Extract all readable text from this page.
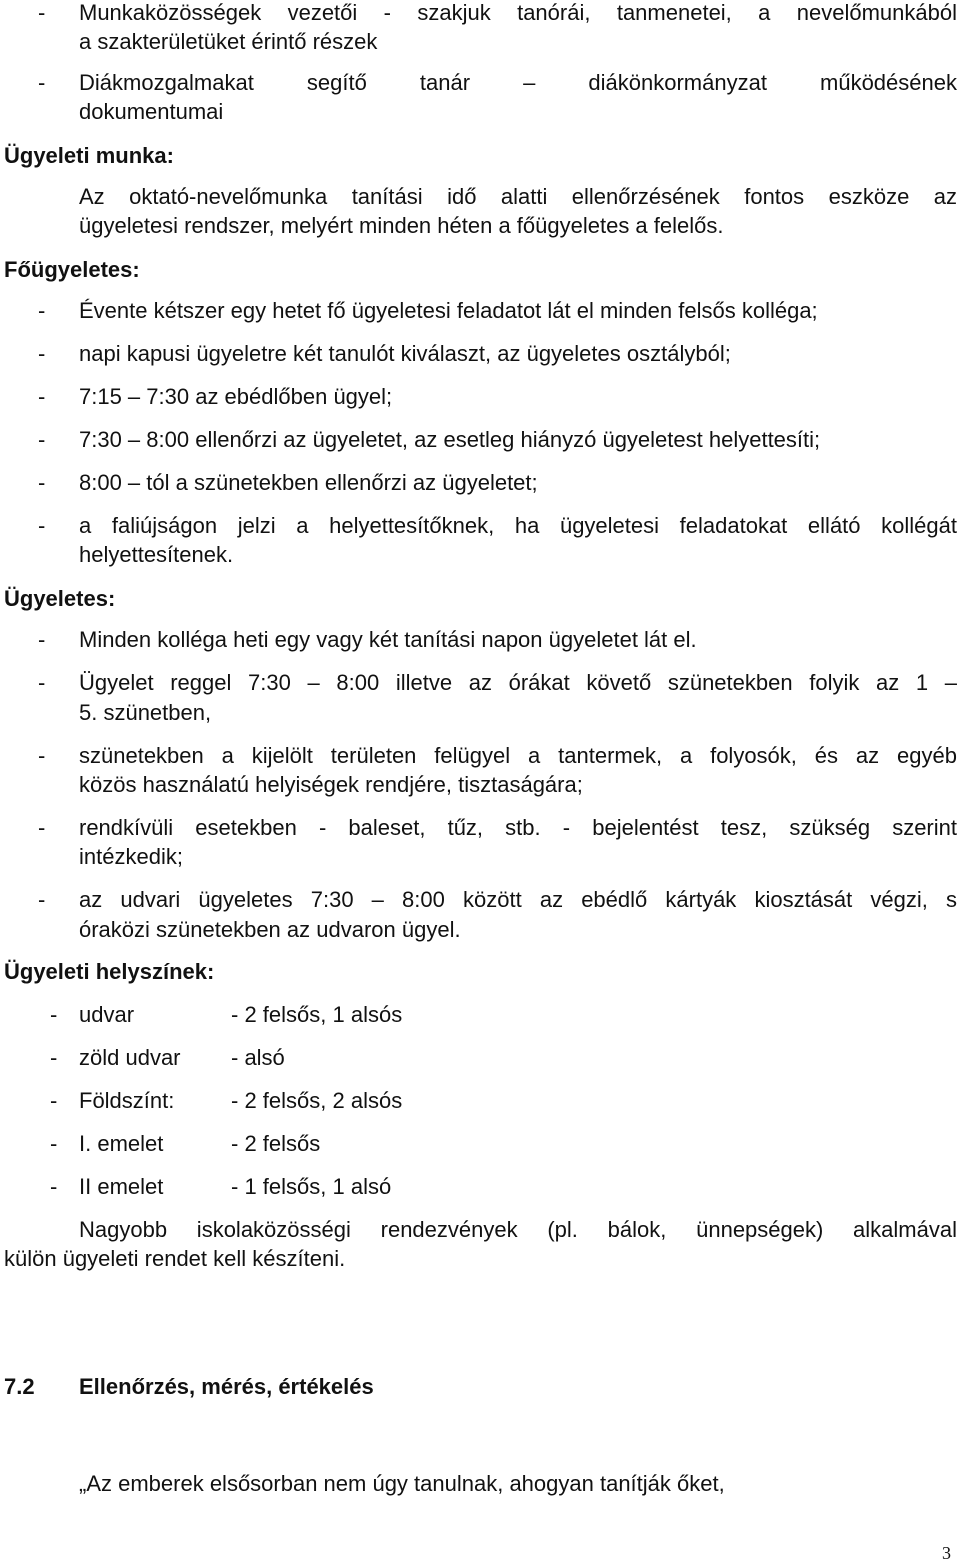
- Munkaközösségek vezetői - szakjuk tanórái, tanmenetei, a nevelőmunkából
a szakterületüket érintő részek
- Diákmozgalmakat segítő tanár – diákönkormányzat működésének
dokumentumai
Ügyeleti munka:
Az oktató-nevelőmunka tanítási idő alatti ellenőrzésének fontos eszköze az
ügyeletesi rendszer, melyért minden héten a főügyeletes a felelős.
Főügyeletes:
- Évente kétszer egy hetet fő ügyeletesi feladatot lát el minden felsős kolléga;
- napi kapusi ügyeletre két tanulót kiválaszt, az ügyeletes osztályból;
- 7:15 – 7:30 az ebédlőben ügyel;
- 7:30 – 8:00 ellenőrzi az ügyeletet, az esetleg hiányzó ügyeletest helyettesíti;
- 8:00 – tól a szünetekben ellenőrzi az ügyeletet;
- a faliújságon jelzi a helyettesítőknek, ha ügyeletesi feladatokat ellátó kollégát
helyettesítenek.
Ügyeletes:
- Minden kolléga heti egy vagy két tanítási napon ügyeletet lát el.
- Ügyelet reggel 7:30 – 8:00 illetve az órákat követő szünetekben folyik az 1 –
5. szünetben,
- szünetekben a kijelölt területen felügyel a tantermek, a folyosók, és az egyéb
közös használatú helyiségek rendjére, tisztaságára;
- rendkívüli esetekben - baleset, tűz, stb. - bejelentést tesz, szükség szerint
intézkedik;
- az udvari ügyeletes 7:30 – 8:00 között az ebédlő kártyák kiosztását végzi, s
óraközi szünetekben az udvaron ügyel.
Ügyeleti helyszínek:
- udvar	- 2 felsős, 1 alsós
- zöld udvar - alsó
- Földszínt:	- 2 felsős, 2 alsós
- I. emelet	- 2 felsős
- II emelet	- 1 felsős, 1 alsó
Nagyobb iskolaközösségi rendezvények (pl. bálok, ünnepségek) alkalmával
külön ügyeleti rendet kell készíteni.
7.2 Ellenőrzés, mérés, értékelés
„Az emberek elsősorban nem úgy tanulnak, ahogyan tanítják őket,
3
